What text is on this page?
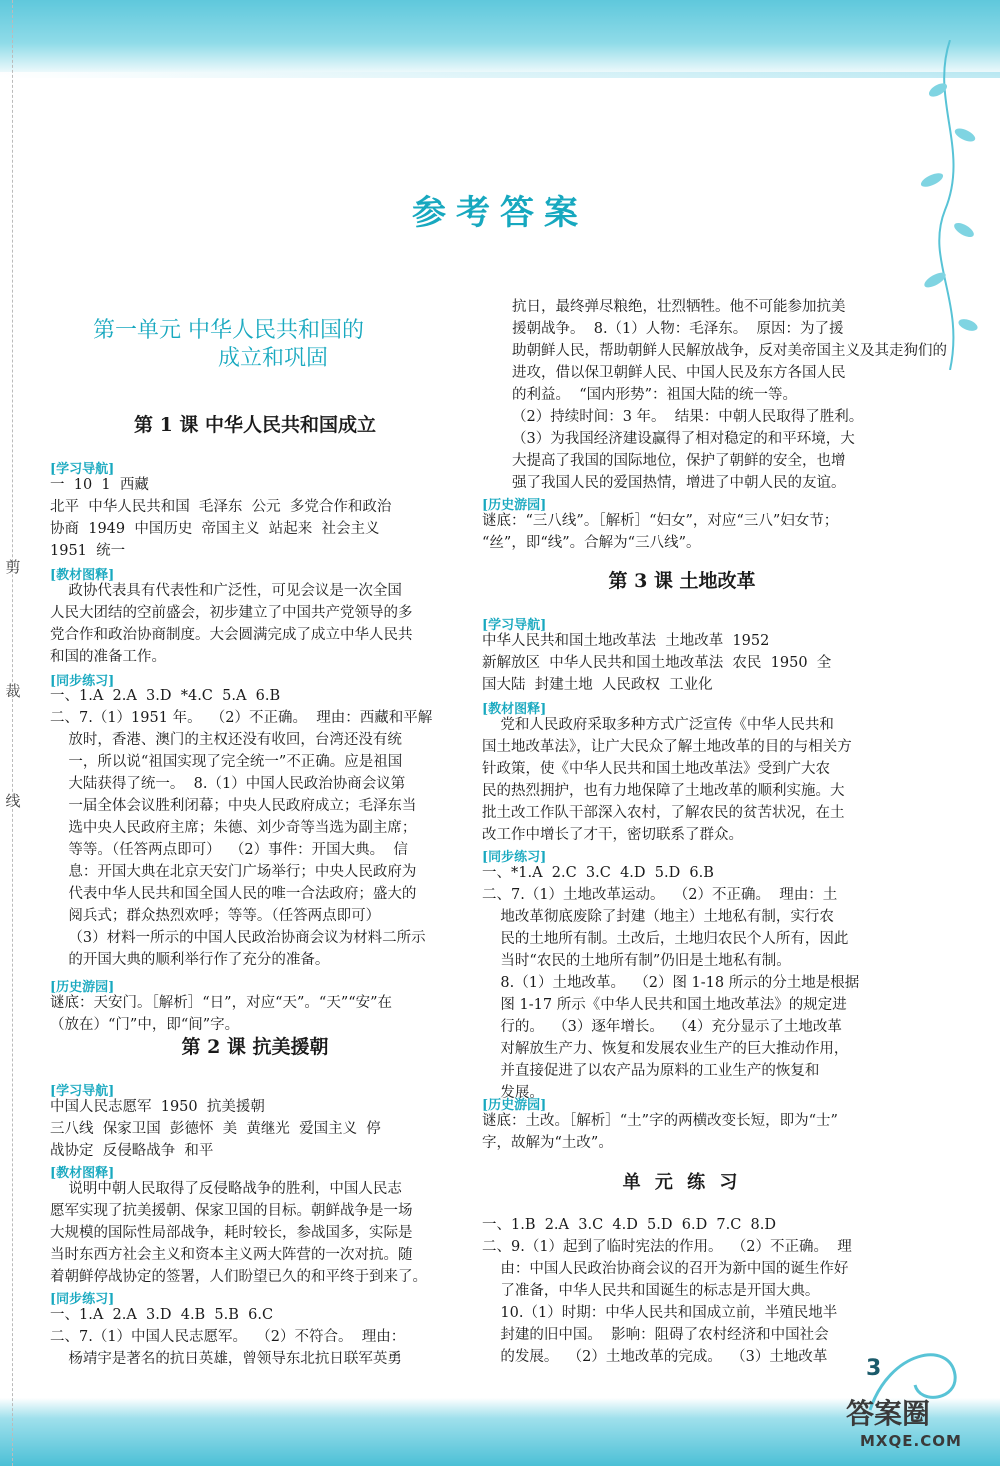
剪
裁
线
参考答案
第一单元 中华人民共和国的
成立和巩固
第 1 课 中华人民共和国成立
[ 学习导航 ]
一  10  1  西藏
北平  中华人民共和国  毛泽东  公元  多党合作和政治
协商  1949  中国历史  帝国主义  站起来  社会主义
1951  统一
[ 教材图释 ]
政协代表具有代表性和广泛性，可见会议是一次全国
人民大团结的空前盛会，初步建立了中国共产党领导的多
党合作和政治协商制度。大会圆满完成了成立中华人民共
和国的准备工作。
[ 同步练习 ]
一、1.A  2.A  3.D  *4.C  5.A  6.B
二、7.（1）1951 年。  （2）不正确。  理由：西藏和平解
放时，香港、澳门的主权还没有收回，台湾还没有统
一，所以说“祖国实现了完全统一”不正确。应是祖国
大陆获得了统一。  8.（1）中国人民政治协商会议第
一届全体会议胜利闭幕；中央人民政府成立；毛泽东当
选中央人民政府主席；朱德、刘少奇等当选为副主席；
等等。（任答两点即可）  （2）事件：开国大典。  信
息：开国大典在北京天安门广场举行；中央人民政府为
代表中华人民共和国全国人民的唯一合法政府；盛大的
阅兵式；群众热烈欢呼；等等。（任答两点即可）
（3）材料一所示的中国人民政治协商会议为材料二所示
的开国大典的顺利举行作了充分的准备。
[ 历史游园 ]
谜底：天安门。［解析］“日”，对应“天”。“天”“安”在
（放在）“门”中，即“间”字。
第 2 课 抗美援朝
[ 学习导航 ]
中国人民志愿军  1950  抗美援朝
三八线  保家卫国  彭德怀  美  黄继光  爱国主义  停
战协定  反侵略战争  和平
[ 教材图释 ]
说明中朝人民取得了反侵略战争的胜利，中国人民志
愿军实现了抗美援朝、保家卫国的目标。朝鲜战争是一场
大规模的国际性局部战争，耗时较长，参战国多，实际是
当时东西方社会主义和资本主义两大阵营的一次对抗。随
着朝鲜停战协定的签署，人们盼望已久的和平终于到来了。
[ 同步练习 ]
一、1.A  2.A  3.D  4.B  5.B  6.C
二、7.（1）中国人民志愿军。  （2）不符合。  理由：
杨靖宇是著名的抗日英雄，曾领导东北抗日联军英勇
抗日，最终弹尽粮绝，壮烈牺牲。他不可能参加抗美
援朝战争。  8.（1）人物：毛泽东。  原因：为了援
助朝鲜人民，帮助朝鲜人民解放战争，反对美帝国主义及其走狗们的
进攻，借以保卫朝鲜人民、中国人民及东方各国人民
的利益。  “国内形势”：祖国大陆的统一等。
（2）持续时间：3 年。  结果：中朝人民取得了胜利。
（3）为我国经济建设赢得了相对稳定的和平环境，大
大提高了我国的国际地位，保护了朝鲜的安全，也增
强了我国人民的爱国热情，增进了中朝人民的友谊。
[ 历史游园 ]
谜底：“三八线”。［解析］“妇女”，对应“三八”妇女节；
“丝”，即“线”。合解为“三八线”。
第 3 课 土地改革
[ 学习导航 ]
中华人民共和国土地改革法  土地改革  1952
新解放区  中华人民共和国土地改革法  农民  1950  全
国大陆  封建土地  人民政权  工业化
[ 教材图释 ]
党和人民政府采取多种方式广泛宣传《中华人民共和
国土地改革法》，让广大民众了解土地改革的目的与相关方
针政策，使《中华人民共和国土地改革法》受到广大农
民的热烈拥护，也有力地保障了土地改革的顺利实施。大
批土改工作队干部深入农村，了解农民的贫苦状况，在土
改工作中增长了才干，密切联系了群众。
[ 同步练习 ]
一、*1.A  2.C  3.C  4.D  5.D  6.B
二、7.（1）土地改革运动。  （2）不正确。  理由：土
地改革彻底废除了封建（地主）土地私有制，实行农
民的土地所有制。土改后，土地归农民个人所有，因此
当时“农民的土地所有制”仍旧是土地私有制。
8.（1）土地改革。  （2）图 1-18 所示的分土地是根据
图 1-17 所示《中华人民共和国土地改革法》的规定进
行的。  （3）逐年增长。  （4）充分显示了土地改革
对解放生产力、恢复和发展农业生产的巨大推动作用，
并直接促进了以农产品为原料的工业生产的恢复和
发展。
[ 历史游园 ]
谜底：土改。［解析］“土”字的两横改变长短，即为“士”
字，故解为“土改”。
单 元 练 习
一、1.B  2.A  3.C  4.D  5.D  6.D  7.C  8.D
二、9.（1）起到了临时宪法的作用。  （2）不正确。  理
由：中国人民政治协商会议的召开为新中国的诞生作好
了准备，中华人民共和国诞生的标志是开国大典。
10.（1）时期：中华人民共和国成立前，半殖民地半
封建的旧中国。  影响：阻碍了农村经济和中国社会
的发展。  （2）土地改革的完成。  （3）土地改革 3
答案圈
MXQE.COM
